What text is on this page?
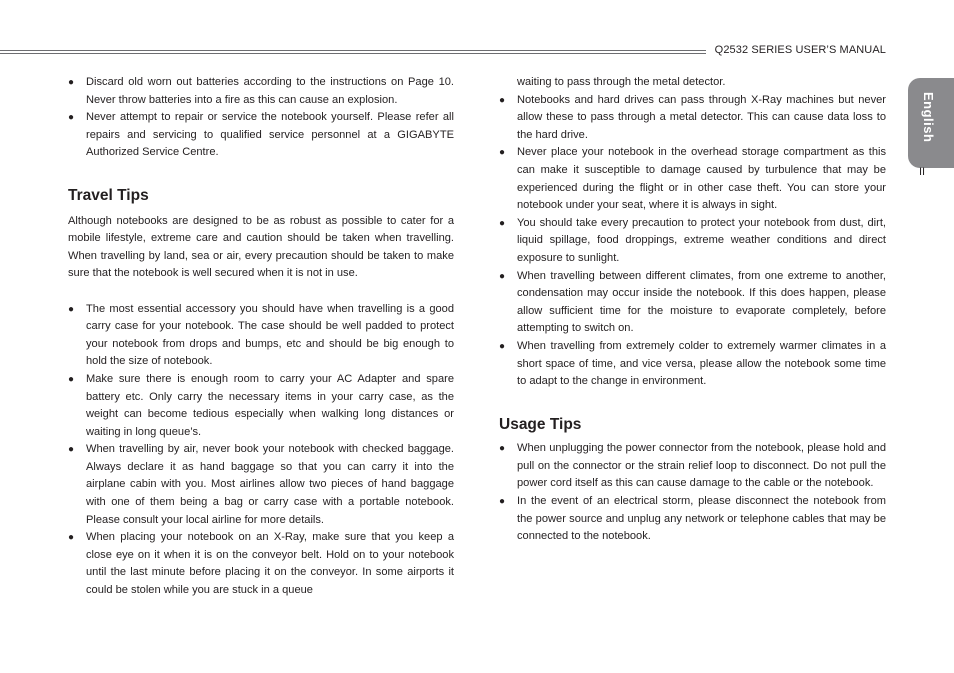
Q2532 SERIES USER’S MANUAL
English
II
● Discard old worn out batteries according to the instructions on Page 10. Never throw batteries into a fire as this can cause an explosion.
● Never attempt to repair or service the notebook yourself. Please refer all repairs and servicing to qualified service personnel at a GIGABYTE Authorized Service Centre.
Travel Tips

Although notebooks are designed to be as robust as possible to cater for a mobile lifestyle, extreme care and caution should be taken when travelling. When travelling by land, sea or air, every precaution should be taken to make sure that the notebook is well secured when it is not in use.

● The most essential accessory you should have when travelling is a good carry case for your notebook. The case should be well padded to protect your notebook from drops and bumps, etc and should be big enough to hold the size of notebook.
● Make sure there is enough room to carry your AC Adapter and spare battery etc. Only carry the necessary items in your carry case, as the weight can become tedious especially when walking long distances or waiting in long queue’s.
● When travelling by air, never book your notebook with checked baggage. Always declare it as hand baggage so that you can carry it into the airplane cabin with you. Most airlines allow two pieces of hand baggage with one of them being a bag or carry case with a portable notebook. Please consult your local airline for more details.
● When placing your notebook on an X-Ray, make sure that you keep a close eye on it when it is on the conveyor belt. Hold on to your notebook until the last minute before placing it on the conveyor. In some airports it could be stolen while you are stuck in a queue
waiting to pass through the metal detector.
● Notebooks and hard drives can pass through X-Ray machines but never allow these to pass through a metal detector. This can cause data loss to the hard drive.
● Never place your notebook in the overhead storage compartment as this can make it susceptible to damage caused by turbulence that may be experienced during the flight or in other case theft. You can store your notebook under your seat, where it is always in sight.
● You should take every precaution to protect your notebook from dust, dirt, liquid spillage, food droppings, extreme weather conditions and direct exposure to sunlight.
● When travelling between different climates, from one extreme to another, condensation may occur inside the notebook. If this does happen, please allow sufficient time for the moisture to evaporate completely, before attempting to switch on.
● When travelling from extremely colder to extremely warmer climates in a short space of time, and vice versa, please allow the notebook some time to adapt to the change in environment.
Usage Tips
● When unplugging the power connector from the notebook, please hold and pull on the connector or the strain relief loop to disconnect. Do not pull the power cord itself as this can cause damage to the cable or the notebook.
● In the event of an electrical storm, please disconnect the notebook from the power source and unplug any network or telephone cables that may be connected to the notebook.
